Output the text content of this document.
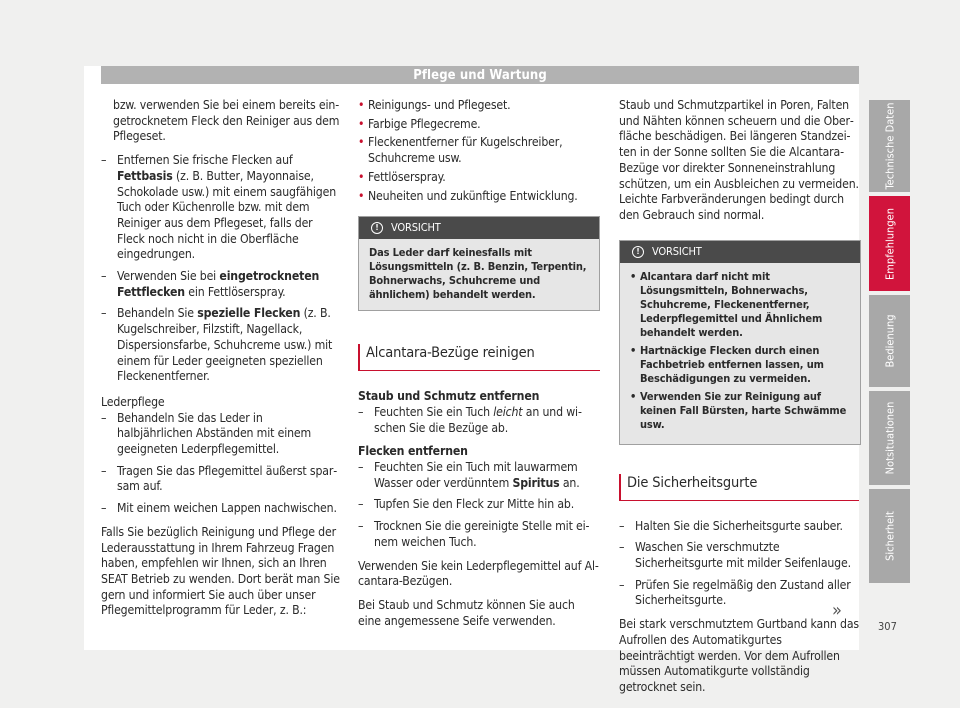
Pflege und Wartung

bzw. verwenden Sie bei einem bereits eingetrocknetem Fleck den Reiniger aus dem Pflegeset.

– Entfernen Sie frische Flecken auf Fettbasis (z. B. Butter, Mayonnaise, Schokolade usw.) mit einem saugfähigen Tuch oder Küchenrolle bzw. mit dem Reiniger aus dem Pflegeset, falls der Fleck noch nicht in die Oberfläche eingedrungen.
– Verwenden Sie bei eingetrockneten Fettflecken ein Fettlöserspray.
– Behandeln Sie spezielle Flecken (z. B. Kugelschreiber, Filzstift, Nagellack, Dispersionsfarbe, Schuhcreme usw.) mit einem für Leder geeigneten speziellen Fleckenentferner.

Lederpflege

– Behandeln Sie das Leder in halbjährlichen Abständen mit einem geeigneten Lederpflegemittel.
– Tragen Sie das Pflegemittel äußerst sparsam auf.
– Mit einem weichen Lappen nachwischen.

Falls Sie bezüglich Reinigung und Pflege der Lederausstattung in Ihrem Fahrzeug Fragen haben, empfehlen wir Ihnen, sich an Ihren SEAT Betrieb zu wenden. Dort berät man Sie gern und informiert Sie auch über unser Pflegemittelprogramm für Leder, z. B.:

• Reinigungs- und Pflegeset.
• Farbige Pflegecreme.
• Fleckenentferner für Kugelschreiber, Schuhcreme usw.
• Fettlöserspray.
• Neuheiten und zukünftige Entwicklung.
!	VORSICHT
Das Leder darf keinesfalls mit Lösungsmitteln (z. B. Benzin, Terpentin, Bohnerwachs, Schuhcreme und ähnlichem) behandelt werden.

Alcantara-Bezüge reinigen

Staub und Schmutz entfernen

– Feuchten Sie ein Tuch leicht an und wischen Sie die Bezüge ab.

Flecken entfernen

– Feuchten Sie ein Tuch mit lauwarmem Wasser oder verdünntem Spiritus an.
– Tupfen Sie den Fleck zur Mitte hin ab.
– Trocknen Sie die gereinigte Stelle mit einem weichen Tuch.

Verwenden Sie kein Lederpflegemittel auf Alcantara-Bezügen.

Bei Staub und Schmutz können Sie auch eine angemessene Seife verwenden.

Staub und Schmutzpartikel in Poren, Falten und Nähten können scheuern und die Oberfläche beschädigen. Bei längeren Standzeiten in der Sonne sollten Sie die Alcantara-Bezüge vor direkter Sonneneinstrahlung schützen, um ein Ausbleichen zu vermeiden. Leichte Farbveränderungen bedingt durch den Gebrauch sind normal.

!	VORSICHT
• Alcantara darf nicht mit Lösungsmitteln, Bohnerwachs, Schuhcreme, Fleckenentferner, Lederpflegemittel und Ähnlichem behandelt werden.
• Hartnäckige Flecken durch einen Fachbetrieb entfernen lassen, um Beschädigungen zu vermeiden.
• Verwenden Sie zur Reinigung auf keinen Fall Bürsten, harte Schwämme usw.

Die Sicherheitsgurte

– Halten Sie die Sicherheitsgurte sauber.
– Waschen Sie verschmutzte Sicherheitsgurte mit milder Seifenlauge.
– Prüfen Sie regelmäßig den Zustand aller Sicherheitsgurte.

Bei stark verschmutztem Gurtband kann das Aufrollen des Automatikgurtes beeinträchtigt werden. Vor dem Aufrollen müssen Automatikgurte vollständig getrocknet sein.

Technische Daten
Empfehlungen
Bedienung
Notsituationen
Sicherheit
»
307
